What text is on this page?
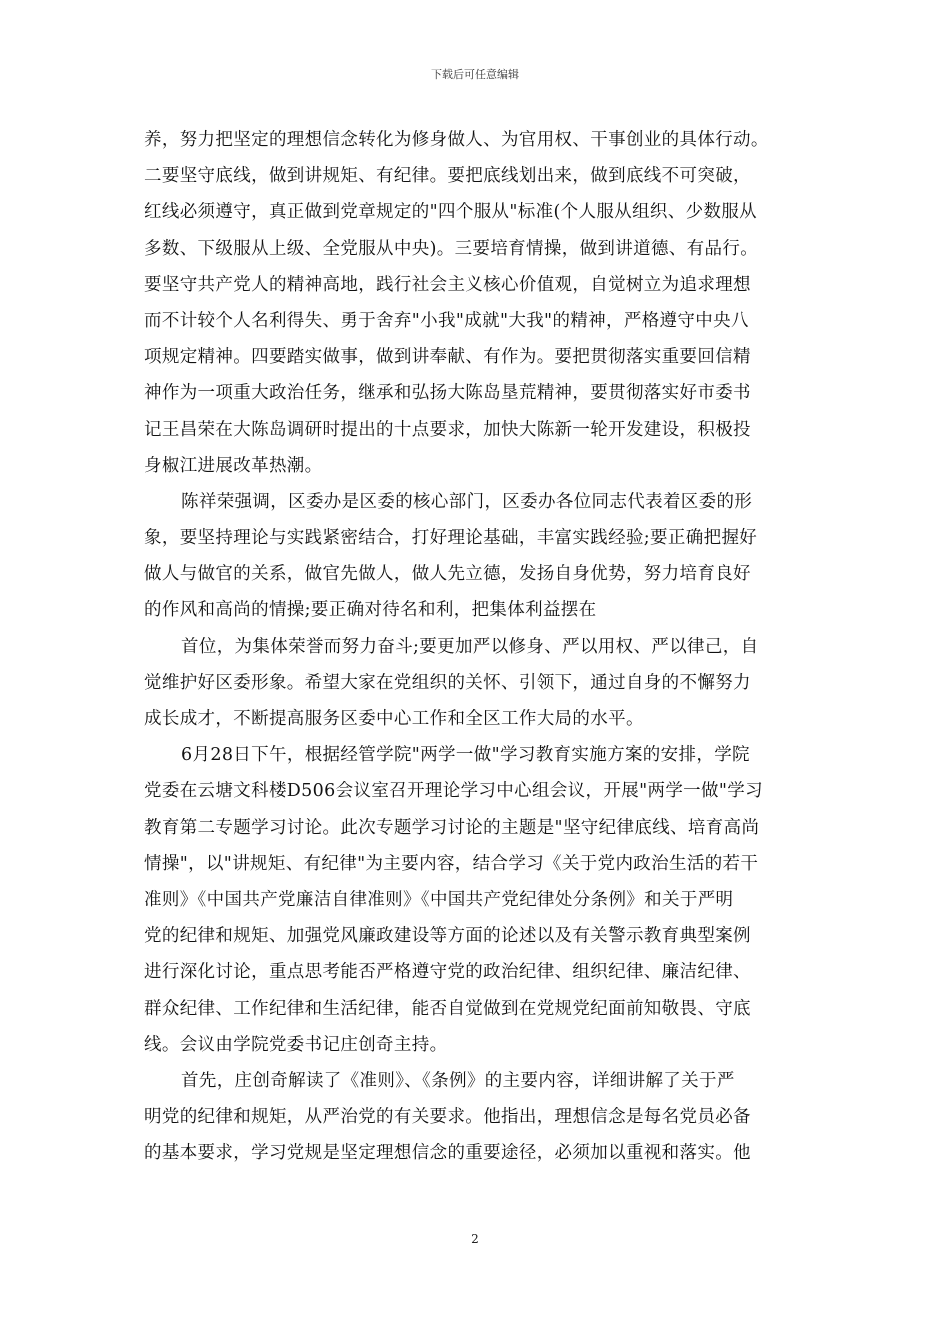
下载后可任意编辑
养，努力把坚定的理想信念转化为修身做人、为官用权、干事创业的具体行动。
二要坚守底线，做到讲规矩、有纪律。要把底线划出来，做到底线不可突破，
红线必须遵守，真正做到党章规定的"四个服从"标准(个人服从组织、少数服从
多数、下级服从上级、全党服从中央)。三要培育情操，做到讲道德、有品行。
要坚守共产党人的精神高地，践行社会主义核心价值观，自觉树立为追求理想
而不计较个人名利得失、勇于舍弃"小我"成就"大我"的精神，严格遵守中央八
项规定精神。四要踏实做事，做到讲奉献、有作为。要把贯彻落实重要回信精
神作为一项重大政治任务，继承和弘扬大陈岛垦荒精神，要贯彻落实好市委书
记王昌荣在大陈岛调研时提出的十点要求，加快大陈新一轮开发建设，积极投
身椒江进展改革热潮。
陈祥荣强调，区委办是区委的核心部门，区委办各位同志代表着区委的形
象，要坚持理论与实践紧密结合，打好理论基础，丰富实践经验;要正确把握好
做人与做官的关系，做官先做人，做人先立德，发扬自身优势，努力培育良好
的作风和高尚的情操;要正确对待名和利，把集体利益摆在
首位，为集体荣誉而努力奋斗;要更加严以修身、严以用权、严以律己，自
觉维护好区委形象。希望大家在党组织的关怀、引领下，通过自身的不懈努力
成长成才，不断提高服务区委中心工作和全区工作大局的水平。
6月28日下午，根据经管学院"两学一做"学习教育实施方案的安排，学院
党委在云塘文科楼D506会议室召开理论学习中心组会议，开展"两学一做"学习
教育第二专题学习讨论。此次专题学习讨论的主题是"坚守纪律底线、培育高尚
情操"，以"讲规矩、有纪律"为主要内容，结合学习《关于党内政治生活的若干
准则》《中国共产党廉洁自律准则》《中国共产党纪律处分条例》和关于严明
党的纪律和规矩、加强党风廉政建设等方面的论述以及有关警示教育典型案例
进行深化讨论，重点思考能否严格遵守党的政治纪律、组织纪律、廉洁纪律、
群众纪律、工作纪律和生活纪律，能否自觉做到在党规党纪面前知敬畏、守底
线。会议由学院党委书记庄创奇主持。
首先，庄创奇解读了《准则》、《条例》的主要内容，详细讲解了关于严
明党的纪律和规矩，从严治党的有关要求。他指出，理想信念是每名党员必备
的基本要求，学习党规是坚定理想信念的重要途径，必须加以重视和落实。他
2
